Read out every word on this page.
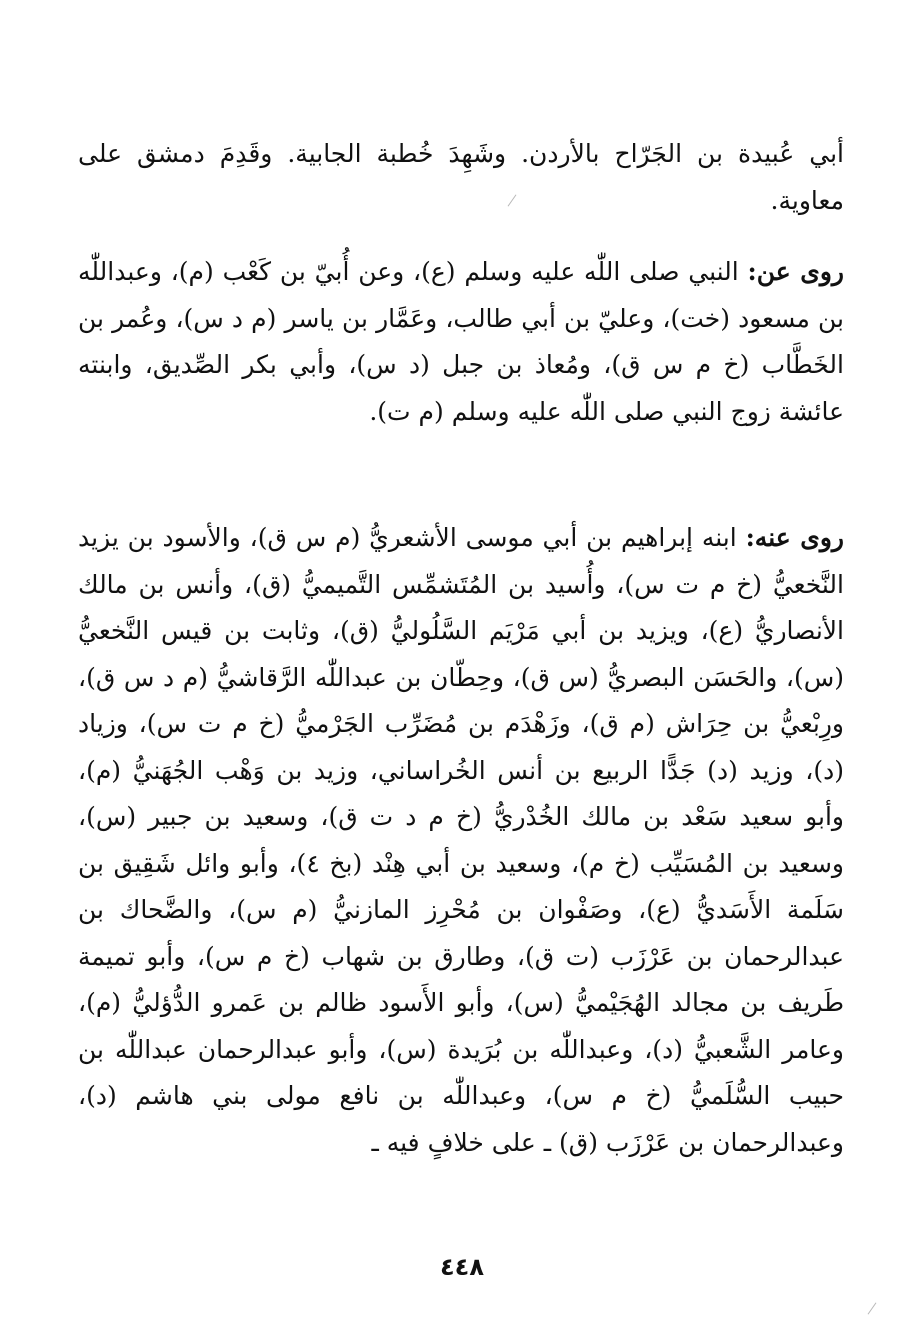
أبي عُبيدة بن الجَرّاح بالأردن. وشَهِدَ خُطبة الجابية. وقَدِمَ دمشق على معاوية.

روى عن: النبي صلى اللّٰه عليه وسلم (ع)، وعن أُبيّ بن كَعْب (م)، وعبداللّٰه بن مسعود (خت)، وعليّ بن أبي طالب، وعَمَّار بن ياسر (م د س)، وعُمر بن الخَطَّاب (خ م س ق)، ومُعاذ بن جبل (د س)، وأبي بكر الصِّديق، وابنته عائشة زوج النبي صلى اللّٰه عليه وسلم (م ت).

روى عنه: ابنه إبراهيم بن أبي موسى الأشعريُّ (م س ق)، والأسود بن يزيد النَّخعيُّ (خ م ت س)، وأُسيد بن المُتَشمِّس التَّميميُّ (ق)، وأنس بن مالك الأنصاريُّ (ع)، ويزيد بن أبي مَرْيَم السَّلُوليُّ (ق)، وثابت بن قيس النَّخعيُّ (س)، والحَسَن البصريُّ (س ق)، وحِطّان بن عبداللّٰه الرَّقاشيُّ (م د س ق)، ورِبْعيُّ بن حِرَاش (م ق)، وزَهْدَم بن مُضَرِّب الجَرْميُّ (خ م ت س)، وزياد (د)، وزيد (د) جَدًّا الربيع بن أنس الخُراساني، وزيد بن وَهْب الجُهَنيُّ (م)، وأبو سعيد سَعْد بن مالك الخُدْريُّ (خ م د ت ق)، وسعيد بن جبير (س)، وسعيد بن المُسَيِّب (خ م)، وسعيد بن أبي هِنْد (بخ ٤)، وأبو وائل شَقِيق بن سَلَمة الأَسَديُّ (ع)، وصَفْوان بن مُحْرِز المازنيُّ (م س)، والضَّحاك بن عبدالرحمان بن عَرْزَب (ت ق)، وطارق بن شهاب (خ م س)، وأبو تميمة طَريف بن مجالد الهُجَيْميُّ (س)، وأبو الأَسود ظالم بن عَمرو الدُّؤليُّ (م)، وعامر الشَّعبيُّ (د)، وعبداللّٰه بن بُرَيدة (س)، وأبو عبدالرحمان عبداللّٰه بن حبيب السُّلَميُّ (خ م س)، وعبداللّٰه بن نافع مولى بني هاشم (د)، وعبدالرحمان بن عَرْزَب (ق) ـ على خلافٍ فيه ـ

٤٤٨
